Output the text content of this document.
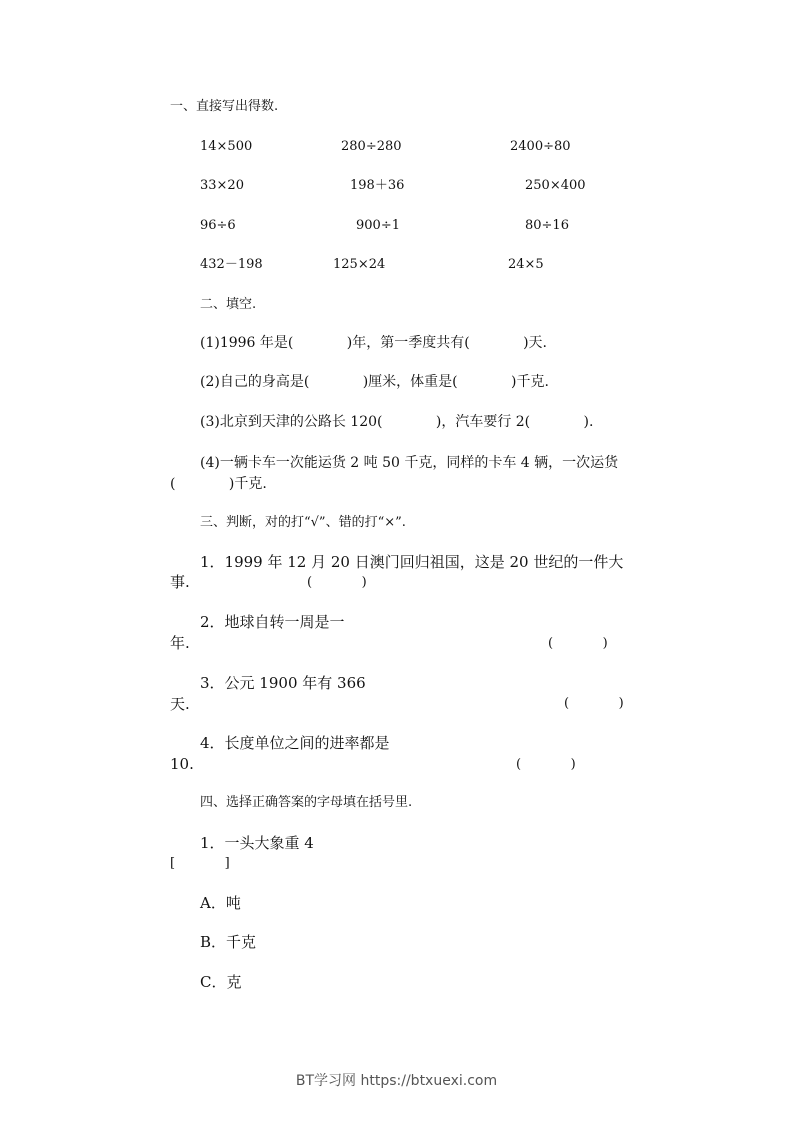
一、直接写出得数.
14×500	280÷280	2400÷80
33×20	198＋36	250×400
96÷6	900÷1	80÷16
432－198	125×24	24×5
二、填空.
(1)1996 年是(            )年，第一季度共有(            )天.
(2)自己的身高是(            )厘米，体重是(            )千克.
(3)北京到天津的公路长 120(            )，汽车要行 2(            ).
(4)一辆卡车一次能运货 2 吨 50 千克，同样的卡车 4 辆，一次运货
(            )千克.
三、判断，对的打“√”、错的打“×”.
1．1999 年 12 月 20 日澳门回归祖国，这是 20 世纪的一件大
事.	(            )
2．地球自转一周是一
年.	(            )
3．公元 1900 年有 366
天.	(            )
4．长度单位之间的进率都是
10.	(            )
四、选择正确答案的字母填在括号里.
1．一头大象重 4
[            ]
A．吨
B．千克
C．克
BT学习网 https://btxuexi.com
